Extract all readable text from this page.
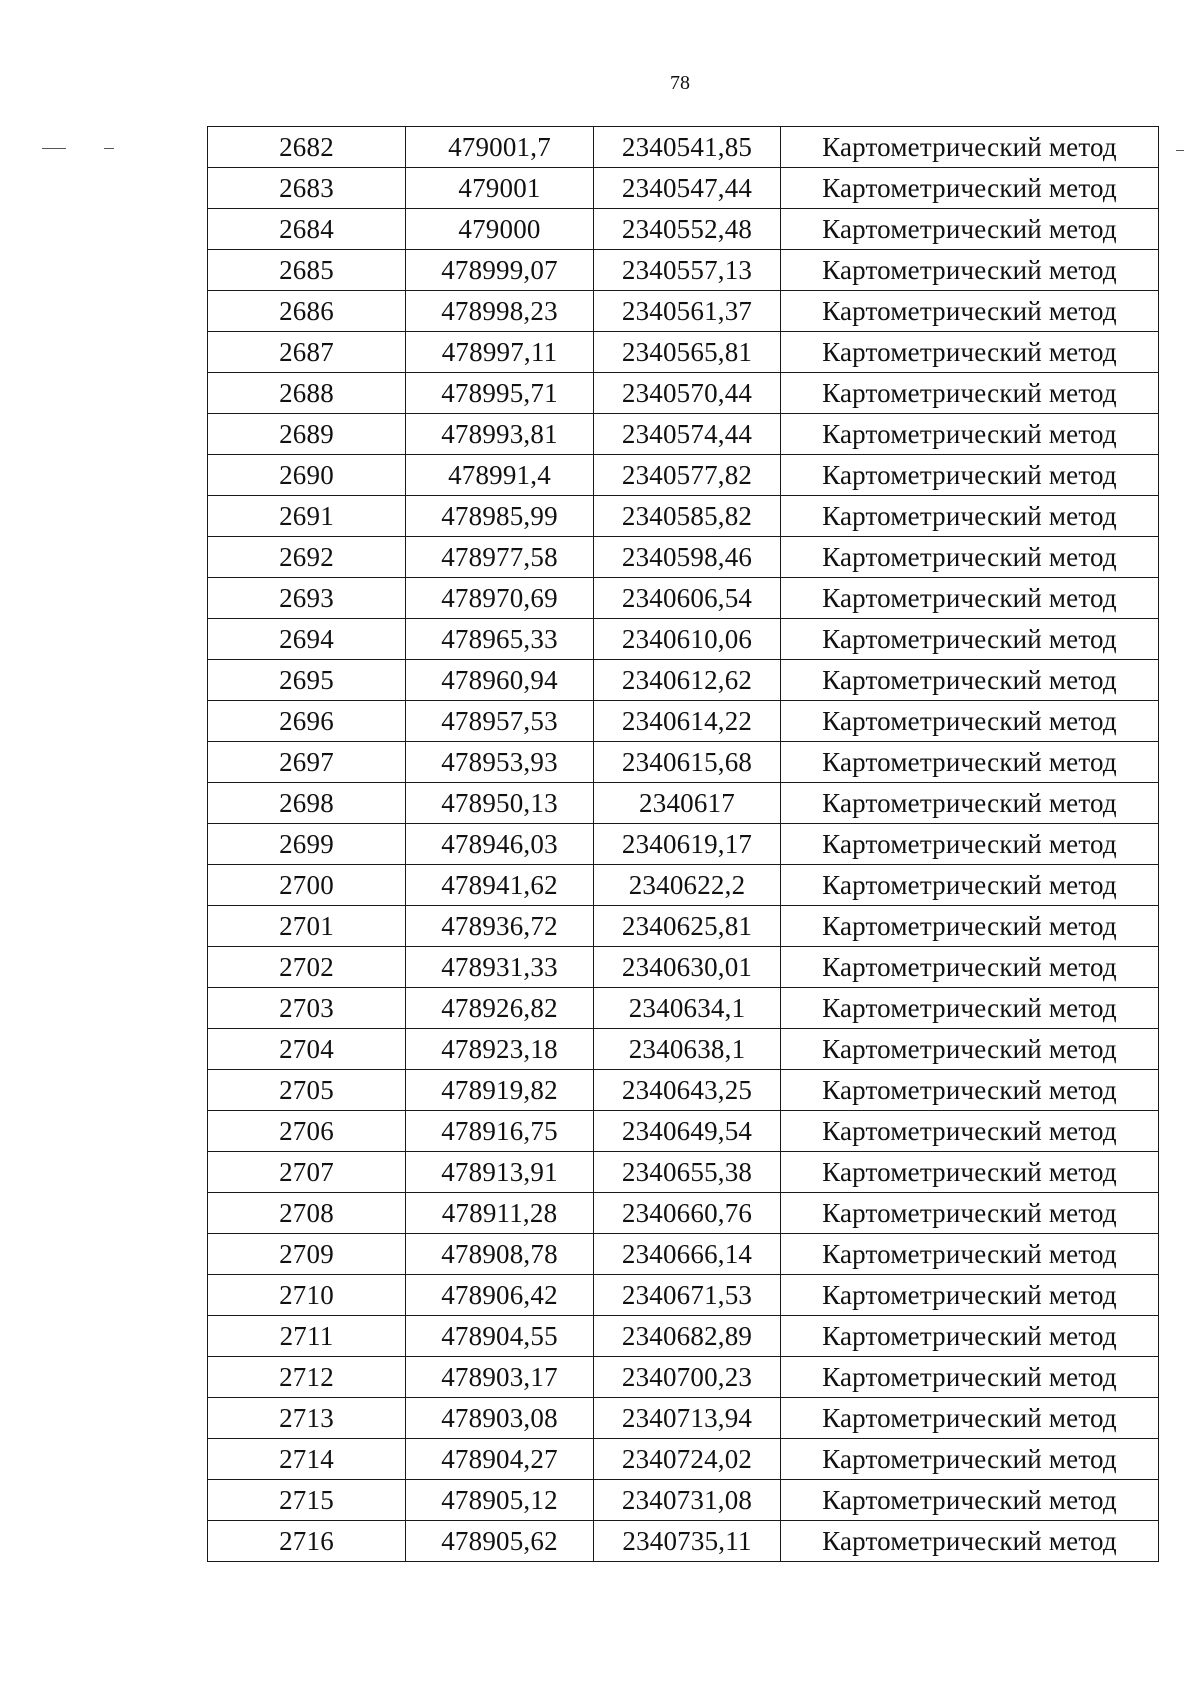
78
2682	479001,7	2340541,85	Картометрический метод
2683	479001	2340547,44	Картометрический метод
2684	479000	2340552,48	Картометрический метод
2685	478999,07	2340557,13	Картометрический метод
2686	478998,23	2340561,37	Картометрический метод
2687	478997,11	2340565,81	Картометрический метод
2688	478995,71	2340570,44	Картометрический метод
2689	478993,81	2340574,44	Картометрический метод
2690	478991,4	2340577,82	Картометрический метод
2691	478985,99	2340585,82	Картометрический метод
2692	478977,58	2340598,46	Картометрический метод
2693	478970,69	2340606,54	Картометрический метод
2694	478965,33	2340610,06	Картометрический метод
2695	478960,94	2340612,62	Картометрический метод
2696	478957,53	2340614,22	Картометрический метод
2697	478953,93	2340615,68	Картометрический метод
2698	478950,13	2340617	Картометрический метод
2699	478946,03	2340619,17	Картометрический метод
2700	478941,62	2340622,2	Картометрический метод
2701	478936,72	2340625,81	Картометрический метод
2702	478931,33	2340630,01	Картометрический метод
2703	478926,82	2340634,1	Картометрический метод
2704	478923,18	2340638,1	Картометрический метод
2705	478919,82	2340643,25	Картометрический метод
2706	478916,75	2340649,54	Картометрический метод
2707	478913,91	2340655,38	Картометрический метод
2708	478911,28	2340660,76	Картометрический метод
2709	478908,78	2340666,14	Картометрический метод
2710	478906,42	2340671,53	Картометрический метод
2711	478904,55	2340682,89	Картометрический метод
2712	478903,17	2340700,23	Картометрический метод
2713	478903,08	2340713,94	Картометрический метод
2714	478904,27	2340724,02	Картометрический метод
2715	478905,12	2340731,08	Картометрический метод
2716	478905,62	2340735,11	Картометрический метод
